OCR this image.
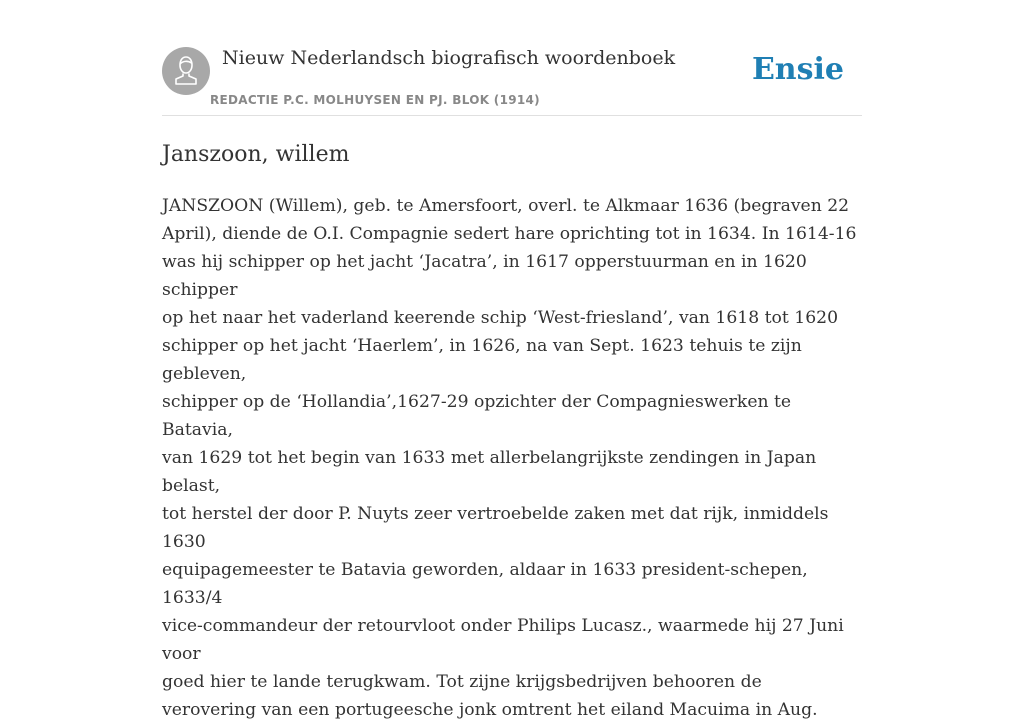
Nieuw Nederlandsch biografisch woordenboek
REDACTIE P.C. MOLHUYSEN EN PJ. BLOK (1914)
Ensie
Janszoon, willem

JANSZOON (Willem), geb. te Amersfoort, overl. te Alkmaar 1636 (begraven 22
April), diende de O.I. Compagnie sedert hare oprichting tot in 1634. In 1614-16
was hij schipper op het jacht ‘Jacatra’, in 1617 opperstuurman en in 1620 schipper
op het naar het vaderland keerende schip ‘West-friesland’, van 1618 tot 1620
schipper op het jacht ‘Haerlem’, in 1626, na van Sept. 1623 tehuis te zijn gebleven,
schipper op de ‘Hollandia’,1627-29 opzichter der Compagnieswerken te Batavia,
van 1629 tot het begin van 1633 met allerbelangrijkste zendingen in Japan belast,
tot herstel der door P. Nuyts zeer vertroebelde zaken met dat rijk, inmiddels 1630
equipagemeester te Batavia geworden, aldaar in 1633 president-schepen, 1633/4
vice-commandeur der retourvloot onder Philips Lucasz., waarmede hij 27 Juni voor
goed hier te lande terugkwam. Tot zijne krijgsbedrijven behooren de
verovering van een portugeesche jonk omtrent het eiland Macuima in Aug.
